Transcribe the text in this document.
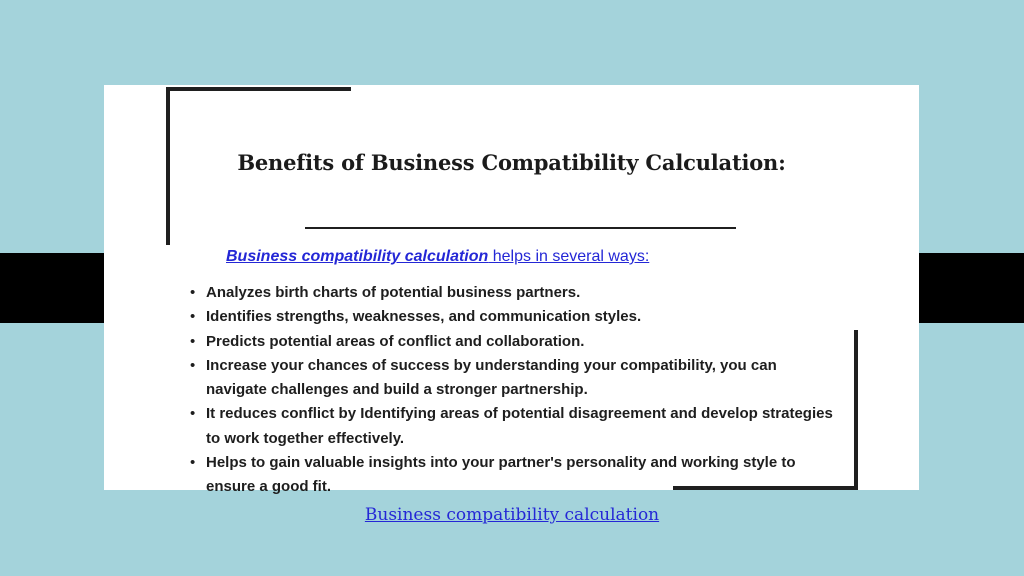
Benefits of Business Compatibility Calculation:

Business compatibility calculation helps in several ways:

• Analyzes birth charts of potential business partners.
• Identifies strengths, weaknesses, and communication styles.
• Predicts potential areas of conflict and collaboration.
• Increase your chances of success by understanding your compatibility, you can navigate challenges and build a stronger partnership.
• It reduces conflict by Identifying areas of potential disagreement and develop strategies to work together effectively.
• Helps to gain valuable insights into your partner's personality and working style to ensure a good fit.

Business compatibility calculation
